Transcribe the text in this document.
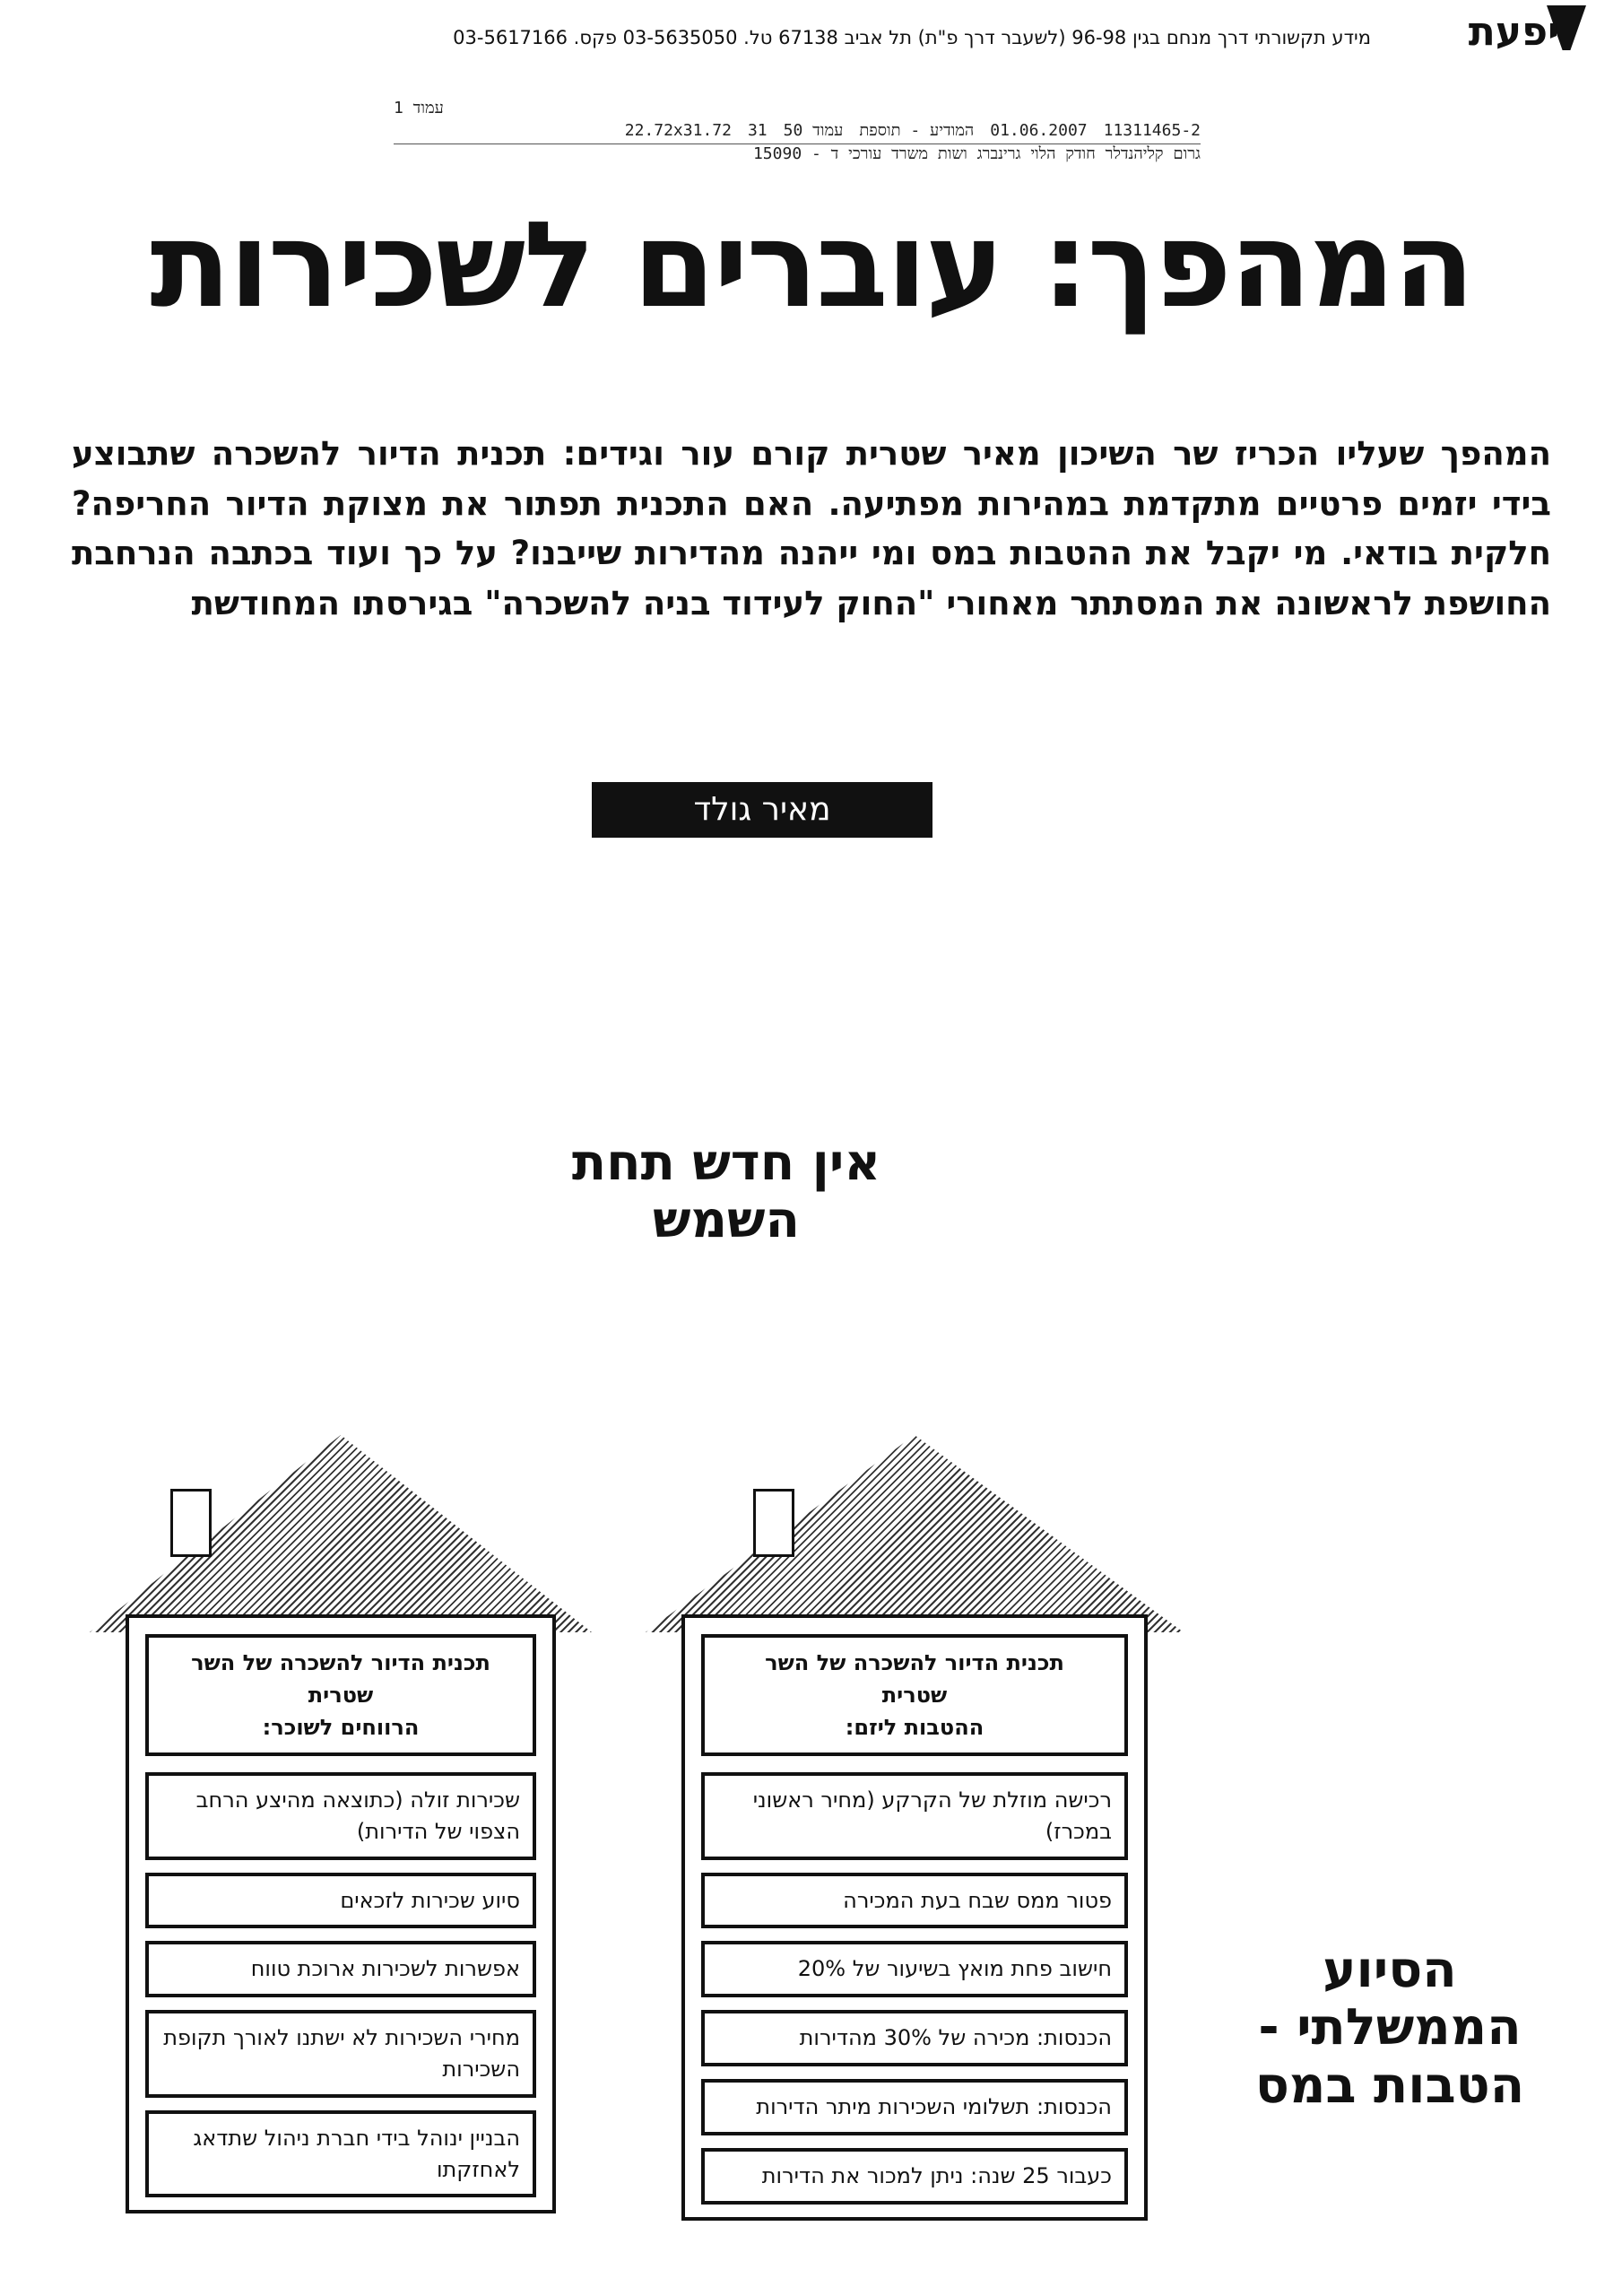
יפעת
מידע תקשורתי דרך מנחם בגין 96-98 (לשעבר דרך פ"ת) תל אביב 67138 טל. 03-5635050 פקס. 03-5617166
עמוד 1
11311465-2
01.06.2007
המודיע - תוספת
עמוד 50
31
22.72x31.72
גרום קליהנדלר חודק הלוי גרינברג ושות משרד עורכי ד - 15090
המהפך: עוברים לשכירות
המהפך שעליו הכריז שר השיכון מאיר שטרית קורם עור וגידים: תכנית הדיור להשכרה שתבוצע בידי יזמים פרטיים מתקדמת במהירות מפתיעה. האם התכנית תפתור את מצוקת הדיור החריפה? חלקית בודאי. מי יקבל את ההטבות במס ומי ייהנה מהדירות שייבנו? על כך ועוד בכתבה הנרחבת החושפת לראשונה את המסתתר מאחורי "החוק לעידוד בניה להשכרה" בגירסתו המחודשת
מאיר גולד
אין חדש תחת השמש
הסיוע הממשלתי - הטבות במס
תכנית הדיור להשכרה של השר
שטרית
הרווחים לשוכר:
שכירות זולה (כתוצאה מהיצע הרחב הצפוי של הדירות)
סיוע שכירות לזכאים
אפשרות לשכירות ארוכת טווח
מחירי השכירות לא ישתנו לאורך תקופת השכירות
הבניין ינוהל בידי חברת ניהול שתדאג לאחזקתו
תכנית הדיור להשכרה של השר
שטרית
ההטבות ליזם:
רכישה מוזלת של הקרקע (מחיר ראשוני במכרז)
פטור ממס שבח בעת המכירה
חישוב פחת מואץ בשיעור של 20%
הכנסות: מכירה של 30% מהדירות
הכנסות: תשלומי השכירות מיתר הדירות
כעבור 25 שנה: ניתן למכור את הדירות
